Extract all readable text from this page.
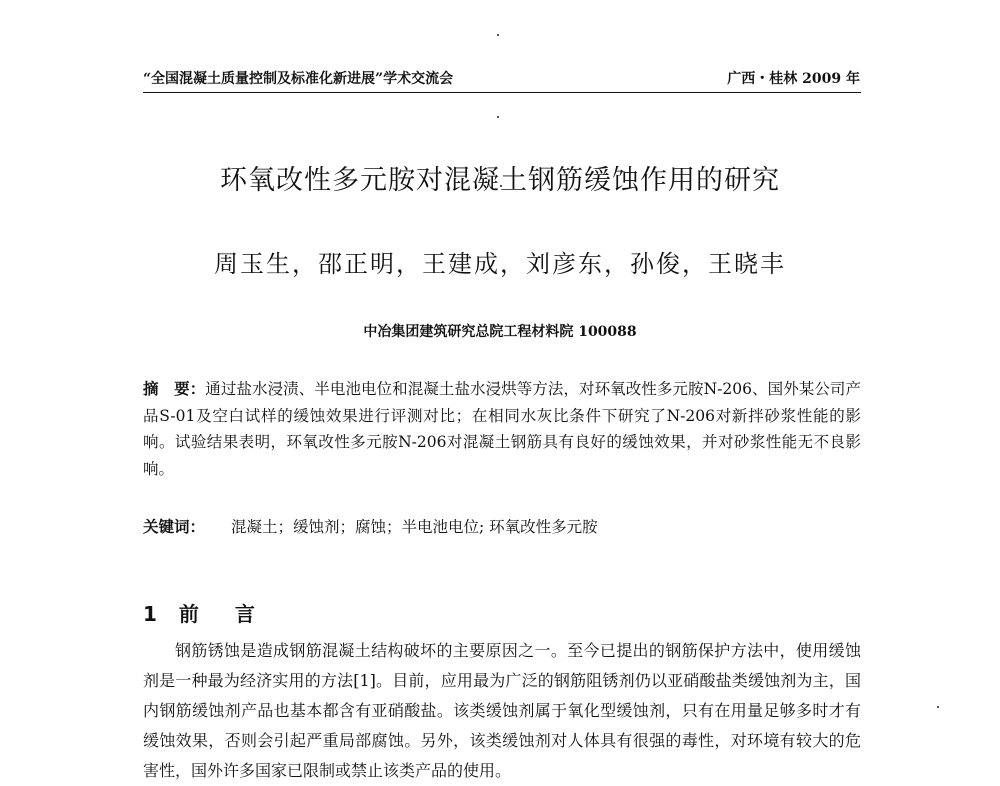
“全国混凝土质量控制及标准化新进展”学术交流会	广西・桂林 2009 年
环氧改性多元胺对混凝土钢筋缓蚀作用的研究
周玉生，邵正明，王建成，刘彦东，孙俊，王晓丰
中冶集团建筑研究总院工程材料院 100088
摘　要：通过盐水浸渍、半电池电位和混凝土盐水浸烘等方法，对环氧改性多元胺N-206、国外某公司产品S-01及空白试样的缓蚀效果进行评测对比；在相同水灰比条件下研究了N-206对新拌砂浆性能的影响。试验结果表明，环氧改性多元胺N-206对混凝土钢筋具有良好的缓蚀效果，并对砂浆性能无不良影响。
关键词： 混凝土；缓蚀剂；腐蚀；半电池电位; 环氧改性多元胺
1 前 言
钢筋锈蚀是造成钢筋混凝土结构破坏的主要原因之一。至今已提出的钢筋保护方法中，使用缓蚀剂是一种最为经济实用的方法[1]。目前，应用最为广泛的钢筋阻锈剂仍以亚硝酸盐类缓蚀剂为主，国内钢筋缓蚀剂产品也基本都含有亚硝酸盐。该类缓蚀剂属于氧化型缓蚀剂，只有在用量足够多时才有缓蚀效果，否则会引起严重局部腐蚀。另外，该类缓蚀剂对人体具有很强的毒性，对环境有较大的危害性，国外许多国家已限制或禁止该类产品的使用。
